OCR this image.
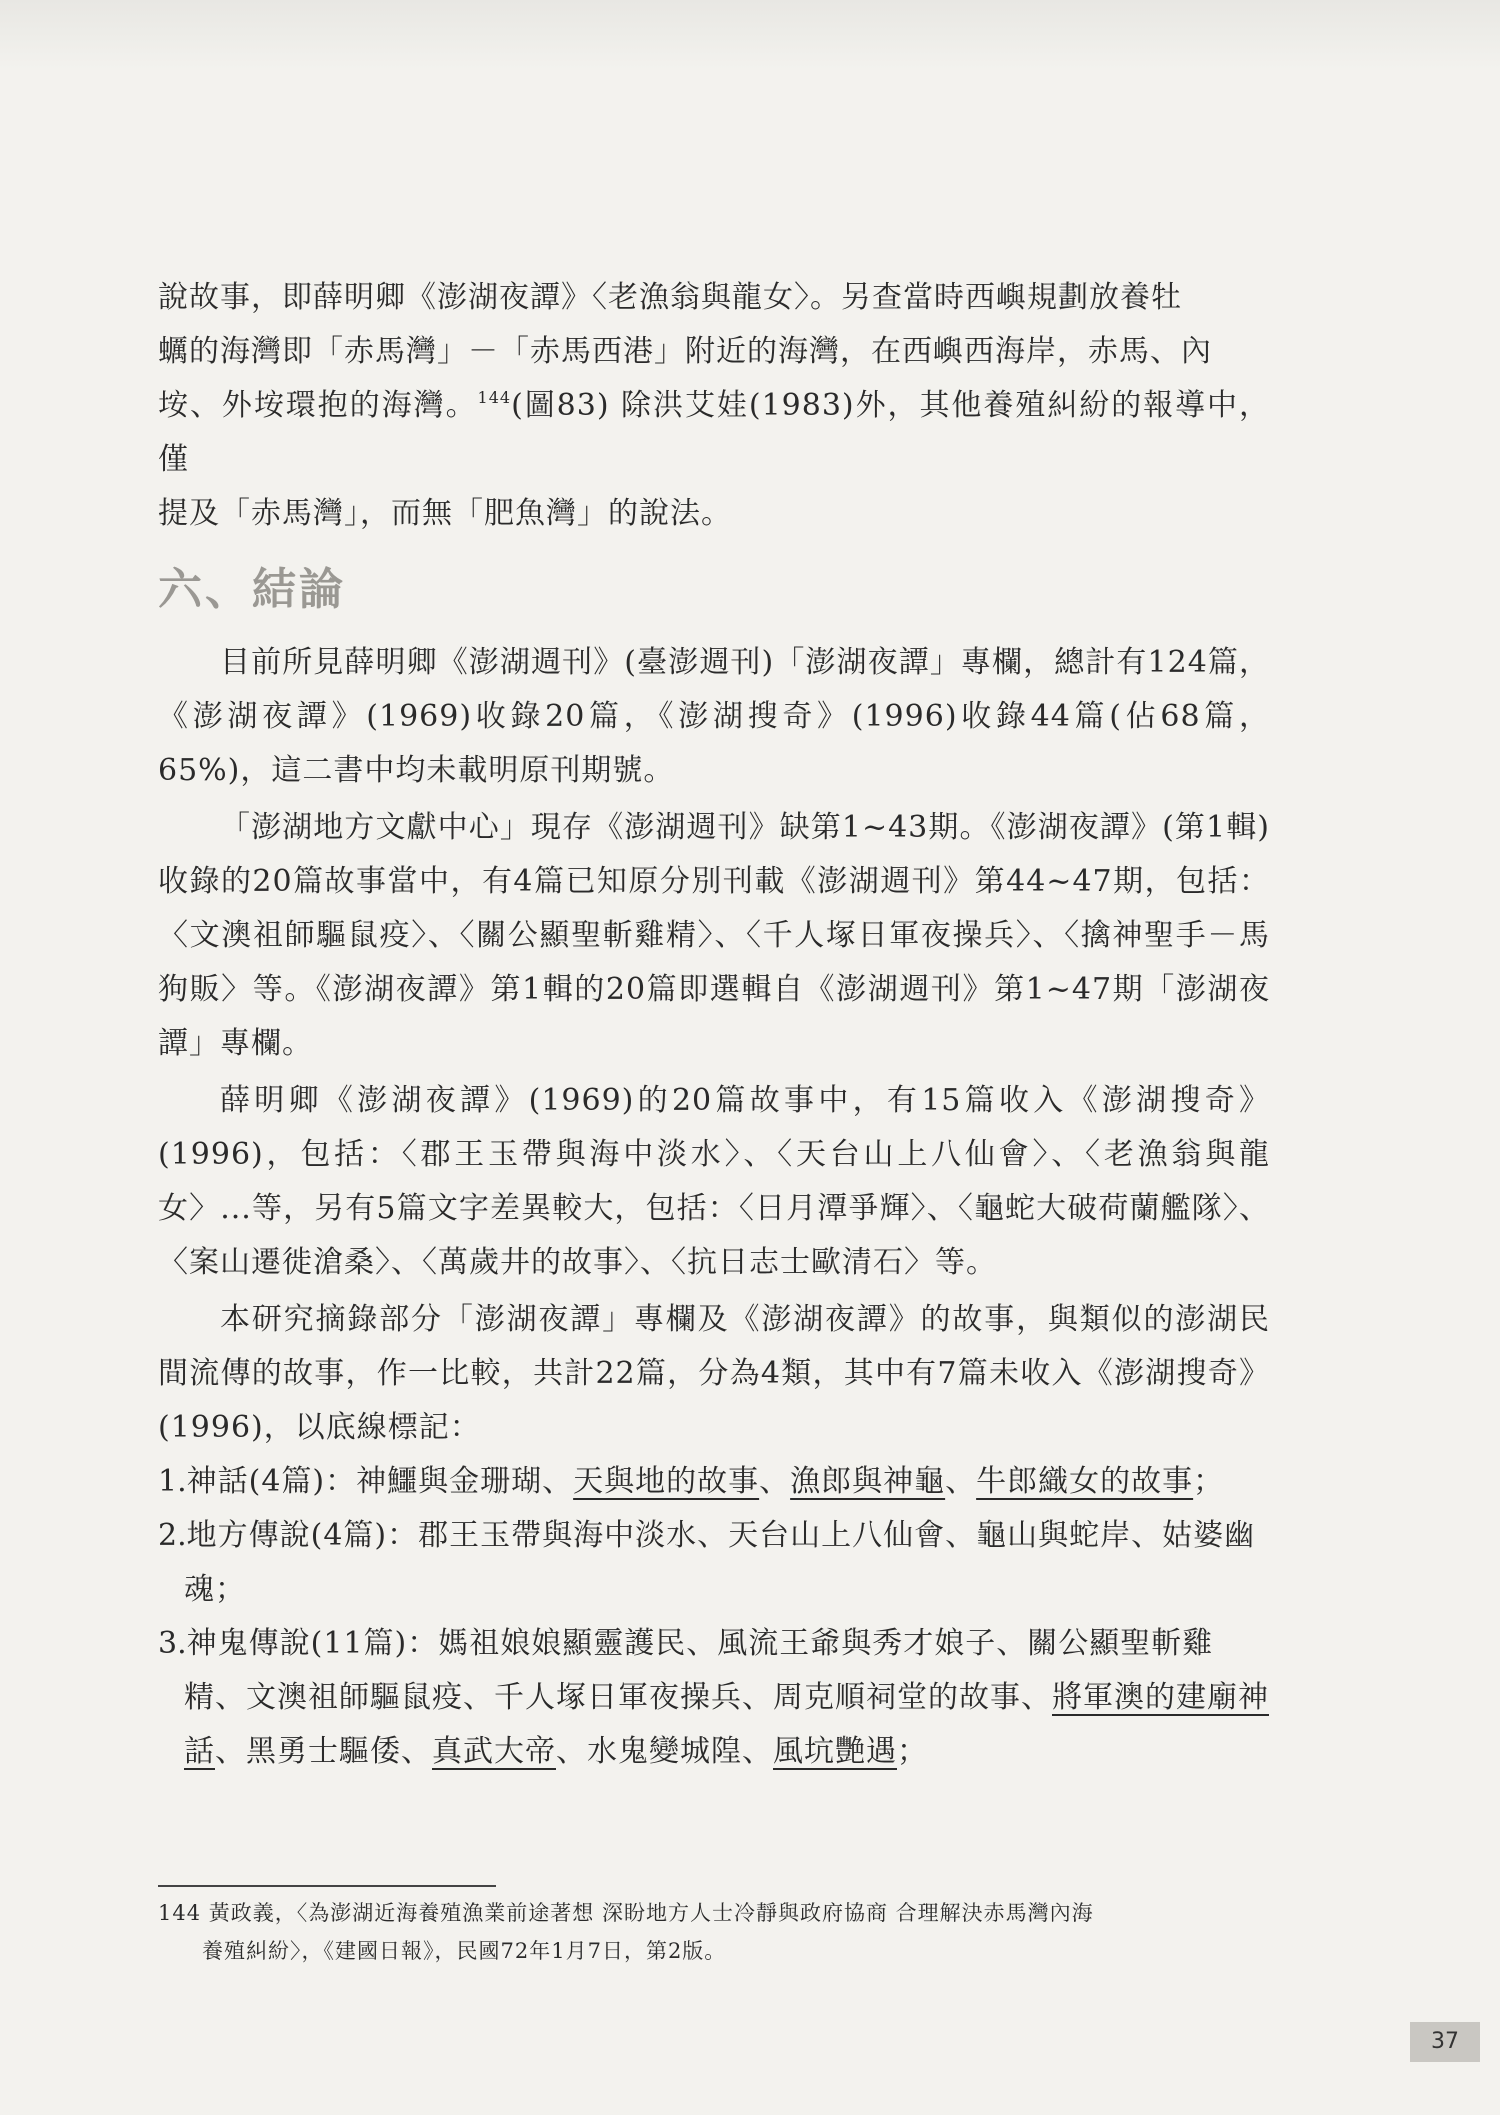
說故事，即薛明卿《澎湖夜譚》〈老漁翁與龍女〉。另查當時西嶼規劃放養牡

蠣的海灣即「赤馬灣」－「赤馬西港」附近的海灣，在西嶼西海岸，赤馬、內

垵、外垵環抱的海灣。$^{144}$(圖83) 除洪艾娃(1983)外，其他養殖糾紛的報導中，僅

提及「赤馬灣」，而無「肥魚灣」的說法。

六、結論

目前所見薛明卿《澎湖週刊》(臺澎週刊)「澎湖夜譚」專欄，總計有124篇，《澎湖夜譚》(1969)收錄20篇，《澎湖搜奇》(1996)收錄44篇(佔68篇，65%)，這二書中均未載明原刊期號。

「澎湖地方文獻中心」現存《澎湖週刊》缺第1~43期。《澎湖夜譚》(第1輯)收錄的20篇故事當中，有4篇已知原分別刊載《澎湖週刊》第44~47期，包括：〈文澳祖師驅鼠疫〉、〈關公顯聖斬雞精〉、〈千人塚日軍夜操兵〉、〈擒神聖手－馬狗販〉等。《澎湖夜譚》第1輯的20篇即選輯自《澎湖週刊》第1~47期「澎湖夜譚」專欄。

薛明卿《澎湖夜譚》(1969)的20篇故事中，有15篇收入《澎湖搜奇》(1996)，包括：〈郡王玉帶與海中淡水〉、〈天台山上八仙會〉、〈老漁翁與龍女〉...等，另有5篇文字差異較大，包括：〈日月潭爭輝〉、〈龜蛇大破荷蘭艦隊〉、〈案山遷徙滄桑〉、〈萬歲井的故事〉、〈抗日志士歐清石〉等。

本研究摘錄部分「澎湖夜譚」專欄及《澎湖夜譚》的故事，與類似的澎湖民間流傳的故事，作一比較，共計22篇，分為4類，其中有7篇未收入《澎湖搜奇》(1996)，以底線標記：

1.神話(4篇)：神鱷與金珊瑚、天與地的故事、漁郎與神龜、牛郎織女的故事；

2.地方傳說(4篇)：郡王玉帶與海中淡水、天台山上八仙會、龜山與蛇岸、姑婆幽魂；

3.神鬼傳說(11篇)：媽祖娘娘顯靈護民、風流王爺與秀才娘子、關公顯聖斬雞精、文澳祖師驅鼠疫、千人塚日軍夜操兵、周克順祠堂的故事、將軍澳的建廟神話、黑勇士驅倭、真武大帝、水鬼變城隍、風坑艷遇；

144 黃政義，〈為澎湖近海養殖漁業前途著想 深盼地方人士冷靜與政府協商 合理解決赤馬灣內海
養殖糾紛〉，《建國日報》，民國72年1月7日，第2版。
37
